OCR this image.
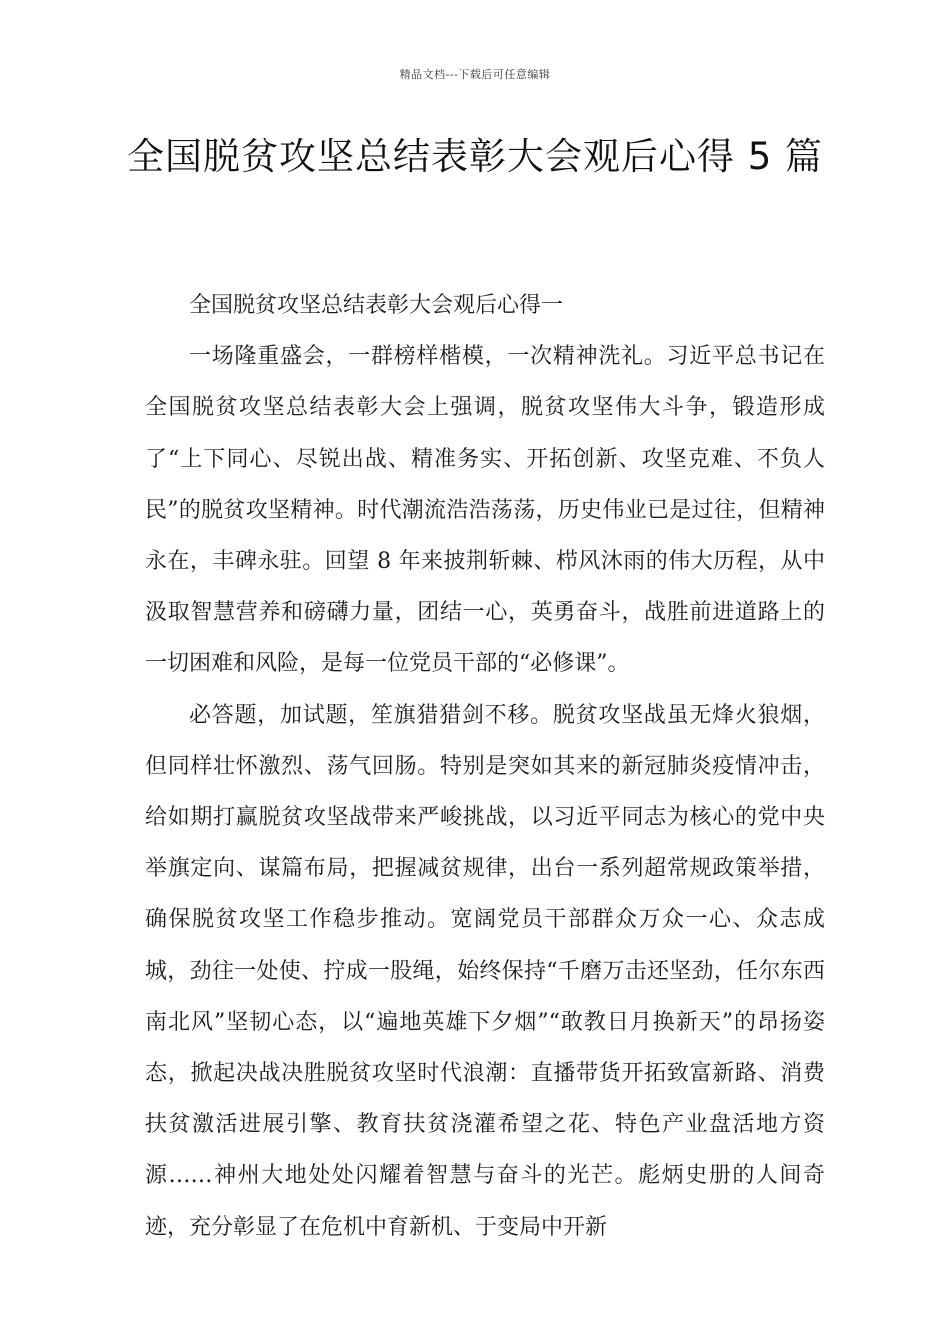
精品文档---下载后可任意编辑
全国脱贫攻坚总结表彰大会观后心得 5 篇

全国脱贫攻坚总结表彰大会观后心得一

一场隆重盛会，一群榜样楷模，一次精神洗礼。习近平总书记在全国脱贫攻坚总结表彰大会上强调，脱贫攻坚伟大斗争，锻造形成了“上下同心、尽锐出战、精准务实、开拓创新、攻坚克难、不负人民”的脱贫攻坚精神。时代潮流浩浩荡荡，历史伟业已是过往，但精神永在，丰碑永驻。回望 8 年来披荆斩棘、栉风沐雨的伟大历程，从中汲取智慧营养和磅礴力量，团结一心，英勇奋斗，战胜前进道路上的一切困难和风险，是每一位党员干部的“必修课”。

必答题，加试题，笙旗猎猎剑不移。脱贫攻坚战虽无烽火狼烟，但同样壮怀激烈、荡气回肠。特别是突如其来的新冠肺炎疫情冲击，给如期打赢脱贫攻坚战带来严峻挑战，以习近平同志为核心的党中央举旗定向、谋篇布局，把握减贫规律，出台一系列超常规政策举措，确保脱贫攻坚工作稳步推动。宽阔党员干部群众万众一心、众志成城，劲往一处使、拧成一股绳，始终保持“千磨万击还坚劲，任尔东西南北风”坚韧心态，以“遍地英雄下夕烟”“敢教日月换新天”的昂扬姿态，掀起决战决胜脱贫攻坚时代浪潮：直播带货开拓致富新路、消费扶贫激活进展引擎、教育扶贫浇灌希望之花、特色产业盘活地方资源……神州大地处处闪耀着智慧与奋斗的光芒。彪炳史册的人间奇迹，充分彰显了在危机中育新机、于变局中开新
